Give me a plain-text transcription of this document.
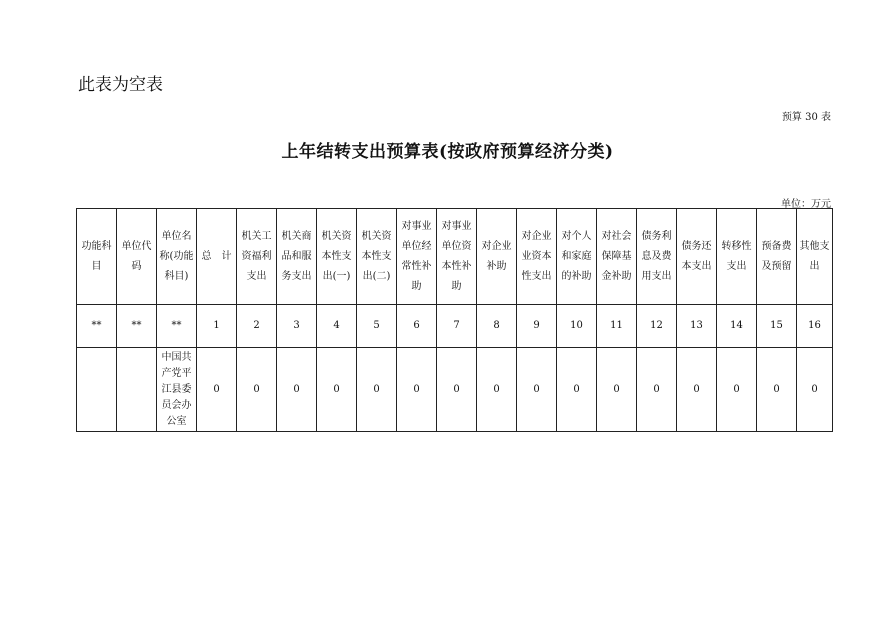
此表为空表
预算 30 表
上年结转支出预算表(按政府预算经济分类)
单位：万元
功能科目	单位代码	单位名称(功能科目)	总　计	机关工资福利支出	机关商品和服务支出	机关资本性支出(一)	机关资本性支出(二)	对事业单位经常性补助	对事业单位资本性补助	对企业补助	对企业业资本性支出	对个人和家庭的补助	对社会保障基金补助	债务利息及费用支出	债务还本支出	转移性支出	预备费及预留	其他支出
**	**	**	1	2	3	4	5	6	7	8	9	10	11	12	13	14	15	16
		中国共产党平江县委员会办公室	0	0	0	0	0	0	0	0	0	0	0	0	0	0	0	0
